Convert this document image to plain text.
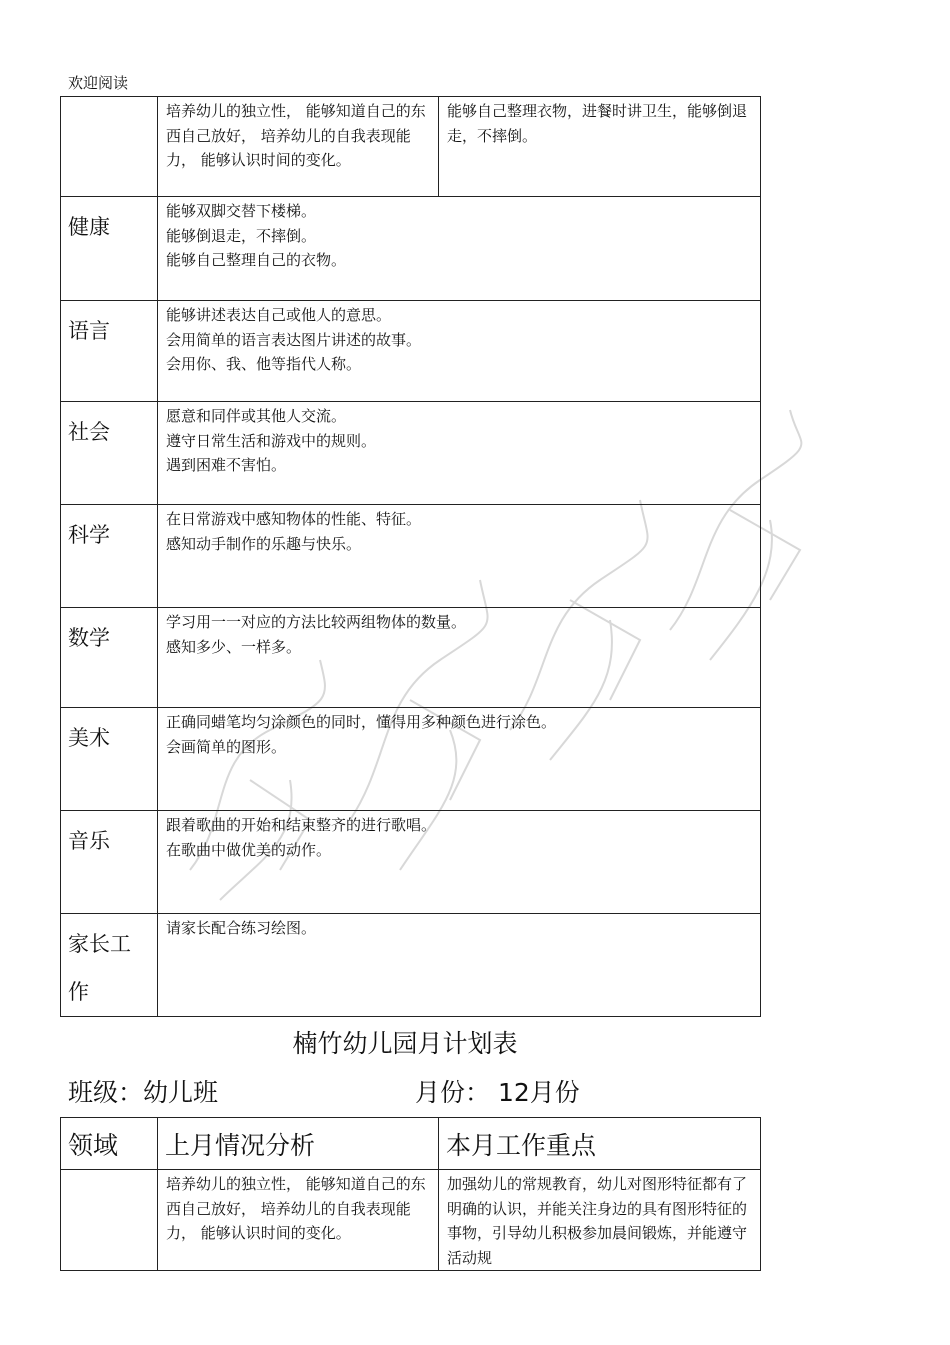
欢迎阅读

	培养幼儿的独立性， 能够知道自己的东西自己放好， 培养幼儿的自我表现能力， 能够认识时间的变化。	能够自己整理衣物，进餐时讲卫生，能够倒退走，不摔倒。

健康	能够双脚交替下楼梯。
能够倒退走，不摔倒。
能够自己整理自己的衣物。	

语言	能够讲述表达自己或他人的意思。
会用简单的语言表达图片讲述的故事。
会用你、我、他等指代人称。	

社会	愿意和同伴或其他人交流。
遵守日常生活和游戏中的规则。
遇到困难不害怕。	

科学	在日常游戏中感知物体的性能、特征。
感知动手制作的乐趣与快乐。	

数学	学习用一一对应的方法比较两组物体的数量。
感知多少、一样多。	

美术	正确同蜡笔均匀涂颜色的同时，懂得用多种颜色进行涂色。
会画简单的图形。	

音乐	跟着歌曲的开始和结束整齐的进行歌唱。
在歌曲中做优美的动作。	

家长工
作	请家长配合练习绘图。	
楠竹幼儿园月计划表
班级：幼儿班	月份： 12月份
领域	上月情况分析	本月工作重点

	培养幼儿的独立性， 能够知道自己的东西自己放好， 培养幼儿的自我表现能力， 能够认识时间的变化。	加强幼儿的常规教育，幼儿对图形特征都有了明确的认识，并能关注身边的具有图形特征的事物，引导幼儿积极参加晨间锻炼，并能遵守活动规
